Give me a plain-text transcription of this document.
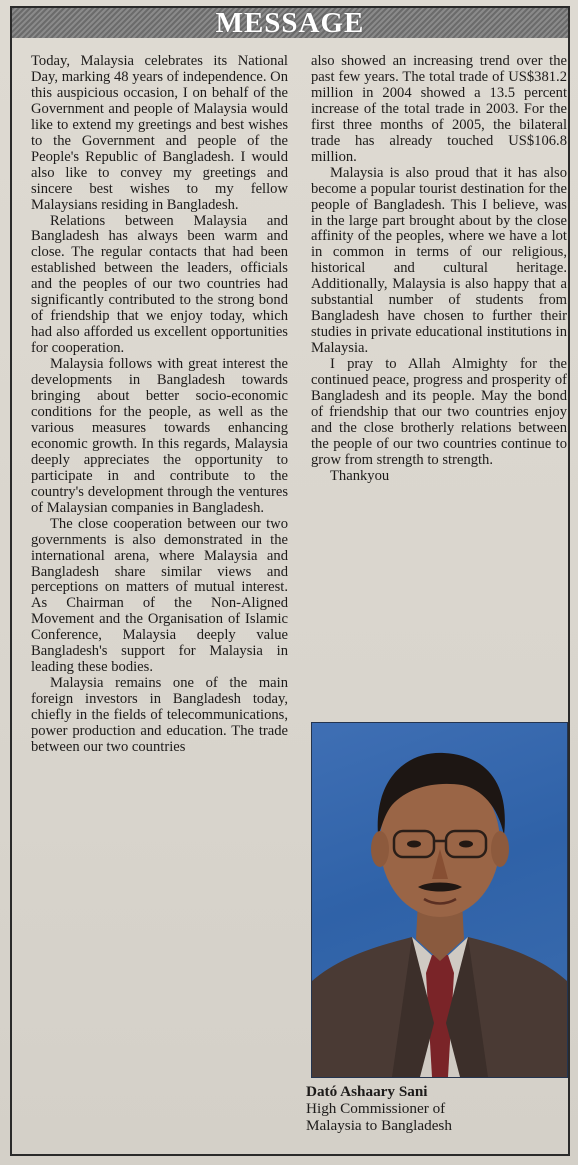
MESSAGE

Today, Malaysia celebrates its National Day, marking 48 years of independence. On this auspicious occasion, I on behalf of the Government and people of Malaysia would like to extend my greetings and best wishes to the Government and people of the People's Republic of Bangladesh. I would also like to convey my greetings and sincere best wishes to my fellow Malaysians residing in Bangladesh.

Relations between Malaysia and Bangladesh has always been warm and close. The regular contacts that had been established between the leaders, officials and the peoples of our two countries had significantly contributed to the strong bond of friendship that we enjoy today, which had also afforded us excellent opportunities for cooperation.

Malaysia follows with great interest the developments in Bangladesh towards bringing about better socio-economic conditions for the people, as well as the various measures towards enhancing economic growth. In this regards, Malaysia deeply appreciates the opportunity to participate in and contribute to the country's development through the ventures of Malaysian companies in Bangladesh.

The close cooperation between our two governments is also demonstrated in the international arena, where Malaysia and Bangladesh share similar views and perceptions on matters of mutual interest. As Chairman of the Non-Aligned Movement and the Organisation of Islamic Conference, Malaysia deeply value Bangladesh's support for Malaysia in leading these bodies.

Malaysia remains one of the main foreign investors in Bangladesh today, chiefly in the fields of telecommunications, power production and education. The trade between our two countries

also showed an increasing trend over the past few years. The total trade of US$381.2 million in 2004 showed a 13.5 percent increase of the total trade in 2003. For the first three months of 2005, the bilateral trade has already touched US$106.8 million.

Malaysia is also proud that it has also become a popular tourist destination for the people of Bangladesh. This I believe, was in the large part brought about by the close affinity of the peoples, where we have a lot in common in terms of our religious, historical and cultural heritage. Additionally, Malaysia is also happy that a substantial number of students from Bangladesh have chosen to further their studies in private educational institutions in Malaysia.

I pray to Allah Almighty for the continued peace, progress and prosperity of Bangladesh and its people. May the bond of friendship that our two countries enjoy and the close brotherly relations between the people of our two countries continue to grow from strength to strength.

Thankyou

Dató Ashaary Sani
High Commissioner of
Malaysia to Bangladesh
